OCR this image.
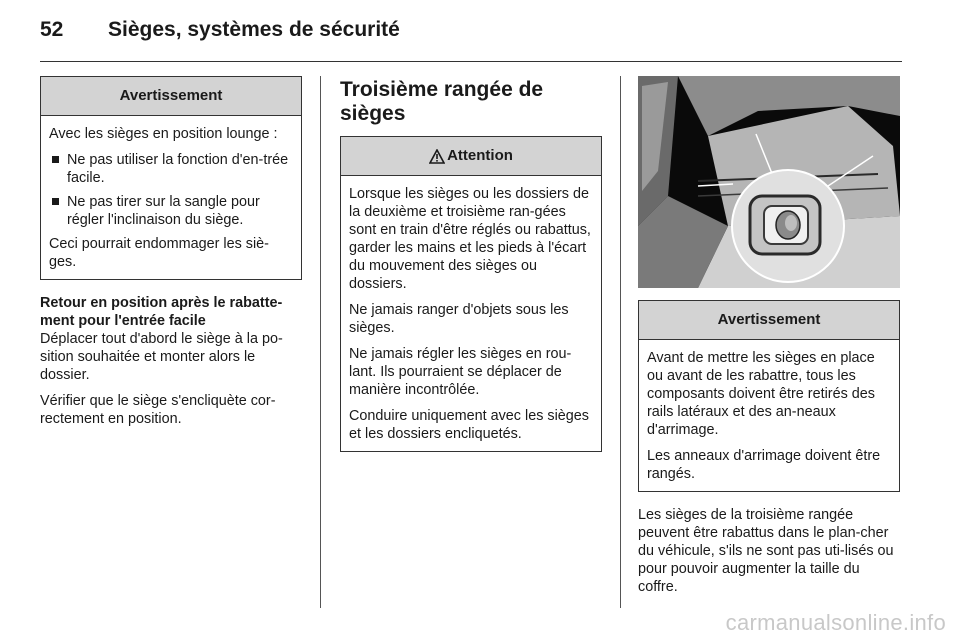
52	Sièges, systèmes de sécurité
Avertissement

Avec les sièges en position lounge :

Ne pas utiliser la fonction d'en-trée facile.
Ne pas tirer sur la sangle pour régler l'inclinaison du siège.

Ceci pourrait endommager les siè-ges.

Retour en position après le rabatte-ment pour l'entrée facile

Déplacer tout d'abord le siège à la po-sition souhaitée et monter alors le dossier.

Vérifier que le siège s'encliquète cor-rectement en position.

Troisième rangée de sièges
Attention

Lorsque les sièges ou les dossiers de la deuxième et troisième ran-gées sont en train d'être réglés ou rabattus, garder les mains et les pieds à l'écart du mouvement des sièges ou dossiers.

Ne jamais ranger d'objets sous les sièges.

Ne jamais régler les sièges en rou-lant. Ils pourraient se déplacer de manière incontrôlée.

Conduire uniquement avec les sièges et les dossiers encliquetés.

Avertissement

Avant de mettre les sièges en place ou avant de les rabattre, tous les composants doivent être retirés des rails latéraux et des an-neaux d'arrimage.

Les anneaux d'arrimage doivent être rangés.

Les sièges de la troisième rangée peuvent être rabattus dans le plan-cher du véhicule, s'ils ne sont pas uti-lisés ou pour pouvoir augmenter la taille du coffre.

carmanualsonline.info
